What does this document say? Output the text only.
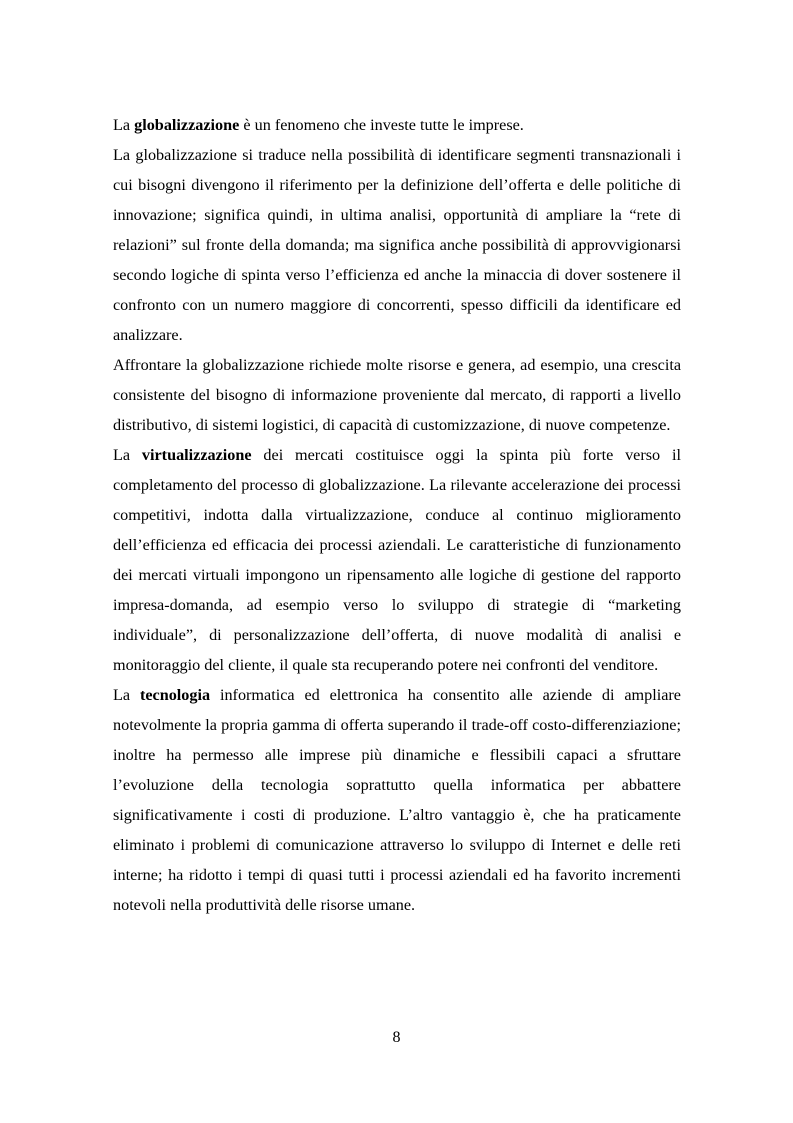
La globalizzazione è un fenomeno che investe tutte le imprese.

La globalizzazione si traduce nella possibilità di identificare segmenti transnazionali i cui bisogni divengono il riferimento per la definizione dell’offerta e delle politiche di innovazione; significa quindi, in ultima analisi, opportunità di ampliare la “rete di relazioni” sul fronte della domanda; ma significa anche possibilità di approvvigionarsi secondo logiche di spinta verso l’efficienza ed anche la minaccia di dover sostenere il confronto con un numero maggiore di concorrenti, spesso difficili da identificare ed analizzare.

Affrontare la globalizzazione richiede molte risorse e genera, ad esempio, una crescita consistente del bisogno di informazione proveniente dal mercato, di rapporti a livello distributivo, di sistemi logistici, di capacità di customizzazione, di nuove competenze.

La virtualizzazione dei mercati costituisce oggi la spinta più forte verso il completamento del processo di globalizzazione. La rilevante accelerazione dei processi competitivi, indotta dalla virtualizzazione, conduce al continuo miglioramento dell’efficienza ed efficacia dei processi aziendali. Le caratteristiche di funzionamento dei mercati virtuali impongono un ripensamento alle logiche di gestione del rapporto impresa-domanda, ad esempio verso lo sviluppo di strategie di “marketing individuale”, di personalizzazione dell’offerta, di nuove modalità di analisi e monitoraggio del cliente, il quale sta recuperando potere nei confronti del venditore.

La tecnologia informatica ed elettronica ha consentito alle aziende di ampliare notevolmente la propria gamma di offerta superando il trade-off costo-differenziazione; inoltre ha permesso alle imprese più dinamiche e flessibili capaci a sfruttare l’evoluzione della tecnologia soprattutto quella informatica per abbattere significativamente i costi di produzione. L’altro vantaggio è, che ha praticamente eliminato i problemi di comunicazione attraverso lo sviluppo di Internet e delle reti interne; ha ridotto i tempi di quasi tutti i processi aziendali ed ha favorito incrementi notevoli nella produttività delle risorse umane.

8
